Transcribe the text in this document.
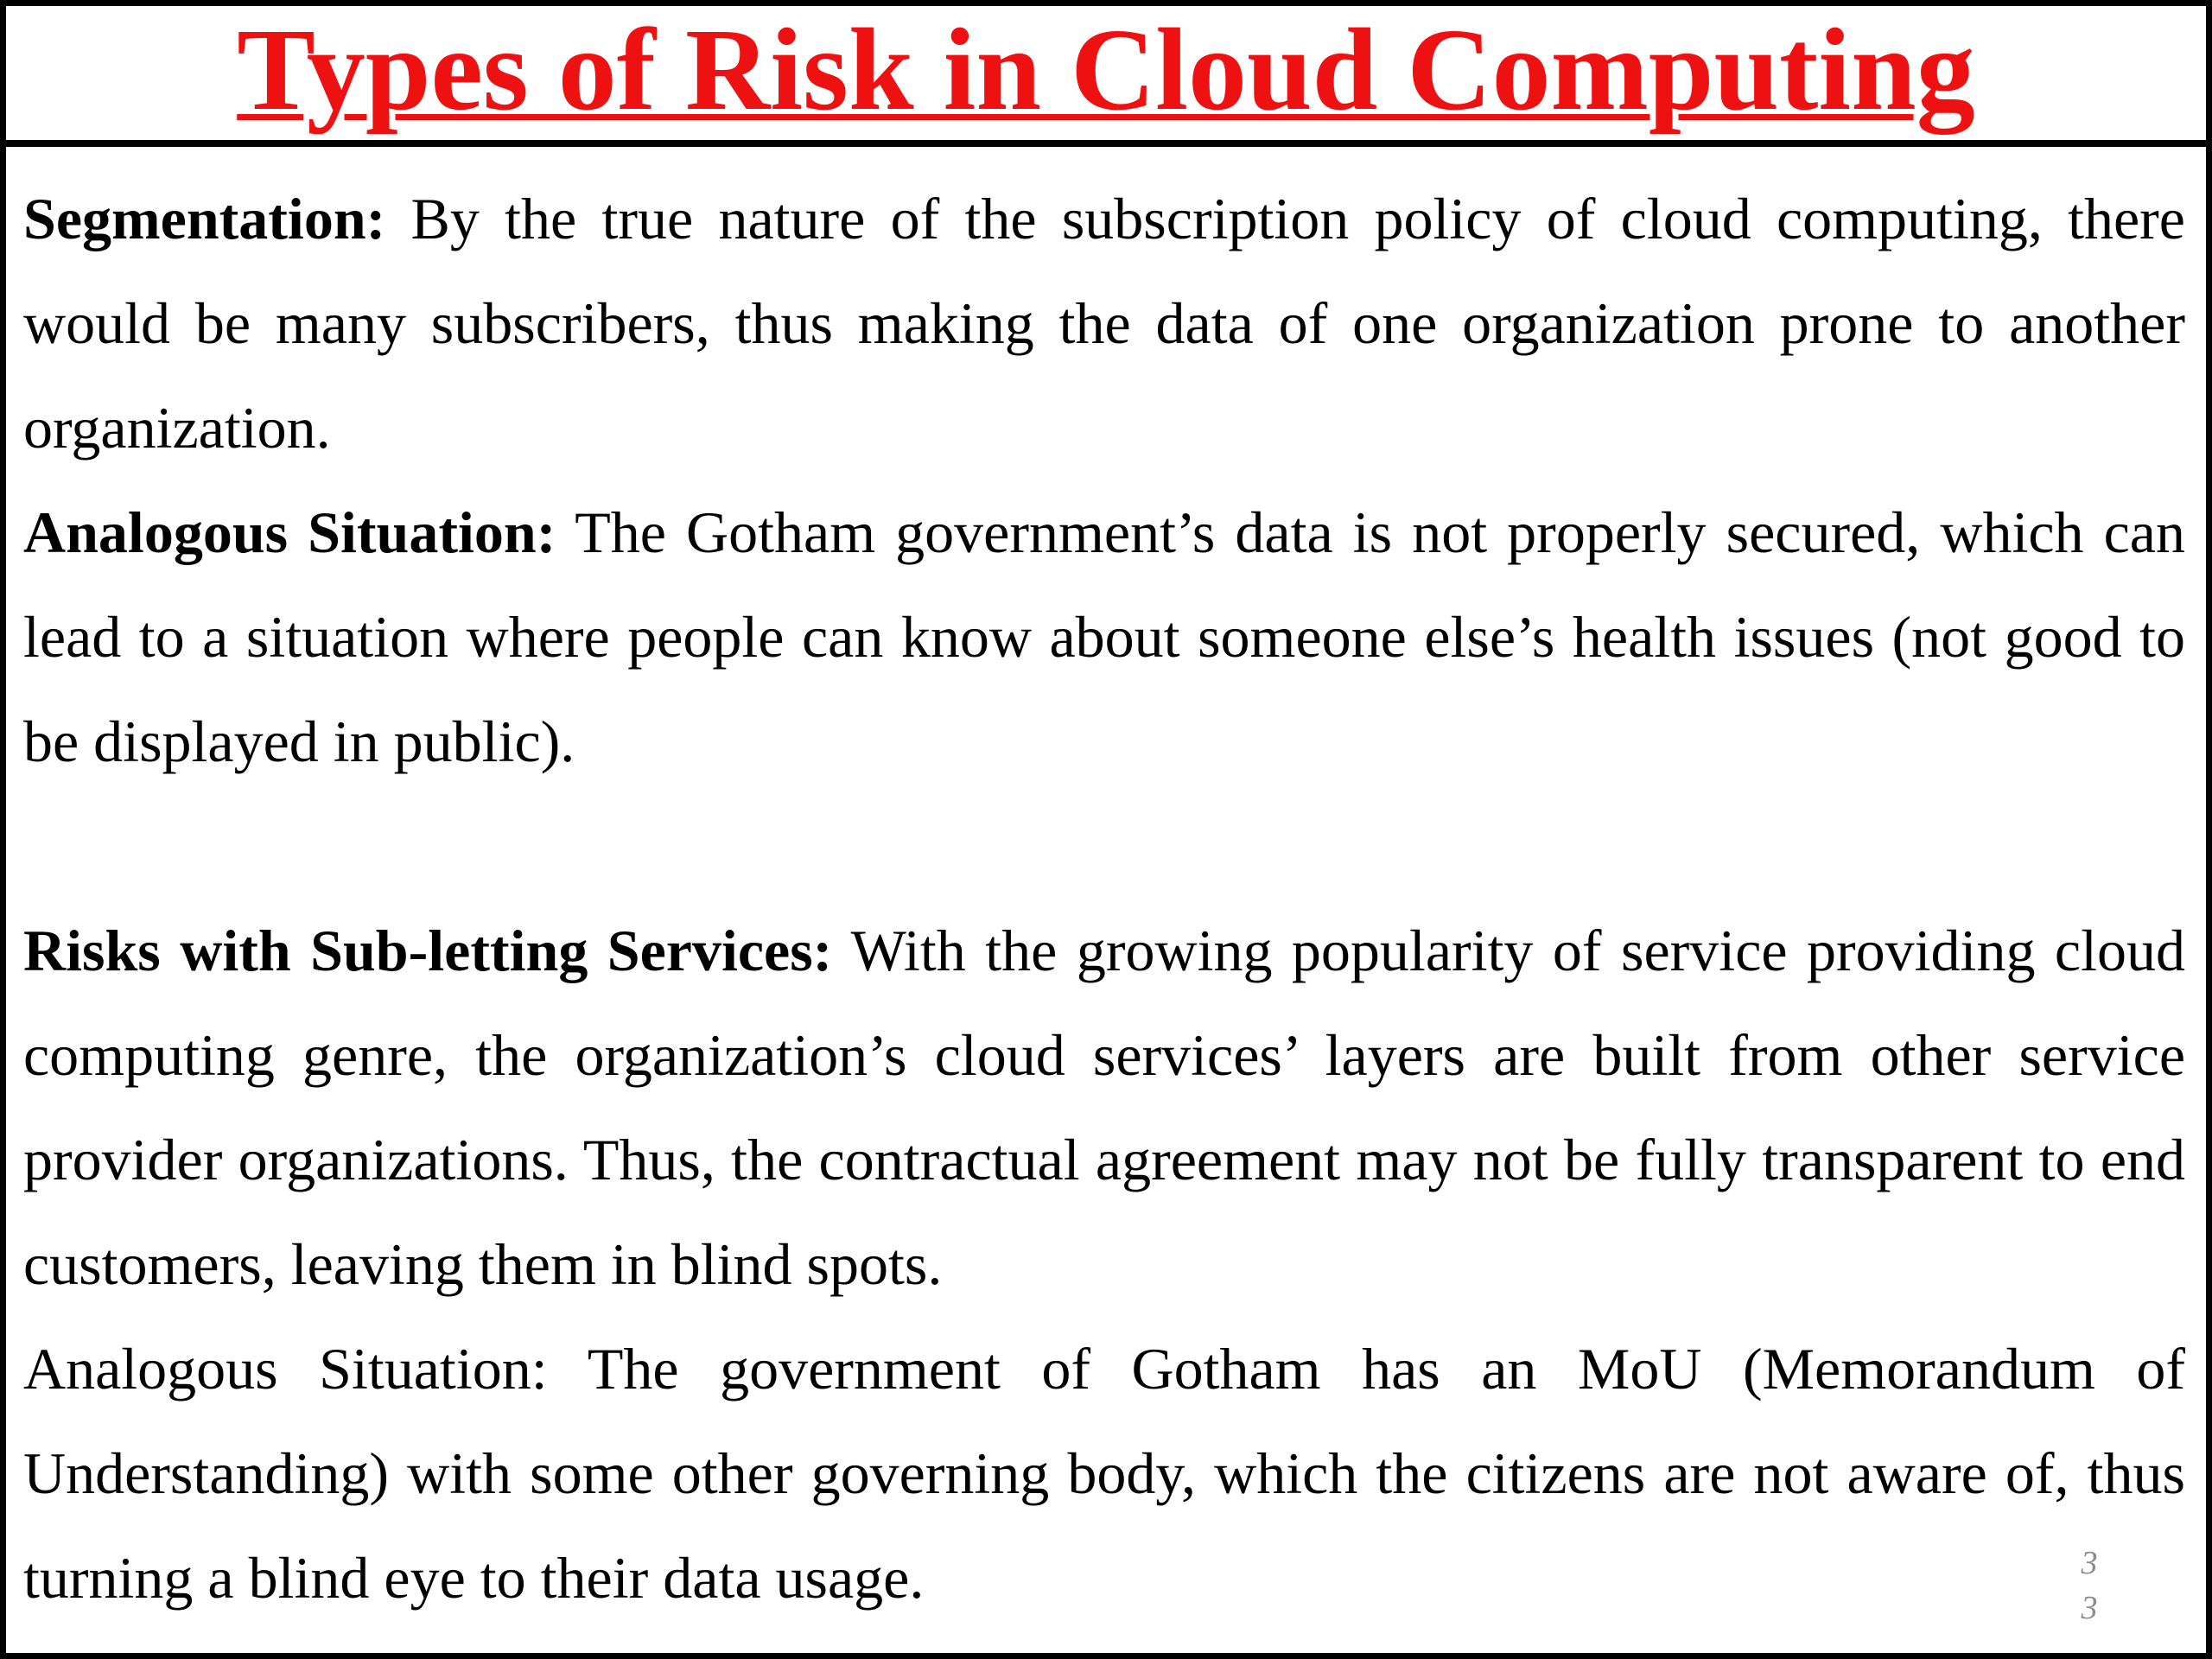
Types of Risk in Cloud Computing

Segmentation: By the true nature of the subscription policy of cloud computing, there would be many subscribers, thus making the data of one organization prone to another organization.

Analogous Situation: The Gotham government’s data is not properly secured, which can lead to a situation where people can know about someone else’s health issues (not good to be displayed in public).

Risks with Sub-letting Services: With the growing popularity of service providing cloud computing genre, the organization’s cloud services’ layers are built from other service provider organizations. Thus, the contractual agreement may not be fully transparent to end customers, leaving them in blind spots.

Analogous Situation: The government of Gotham has an MoU (Memorandum of Understanding) with some other governing body, which the citizens are not aware of, thus turning a blind eye to their data usage.	33
